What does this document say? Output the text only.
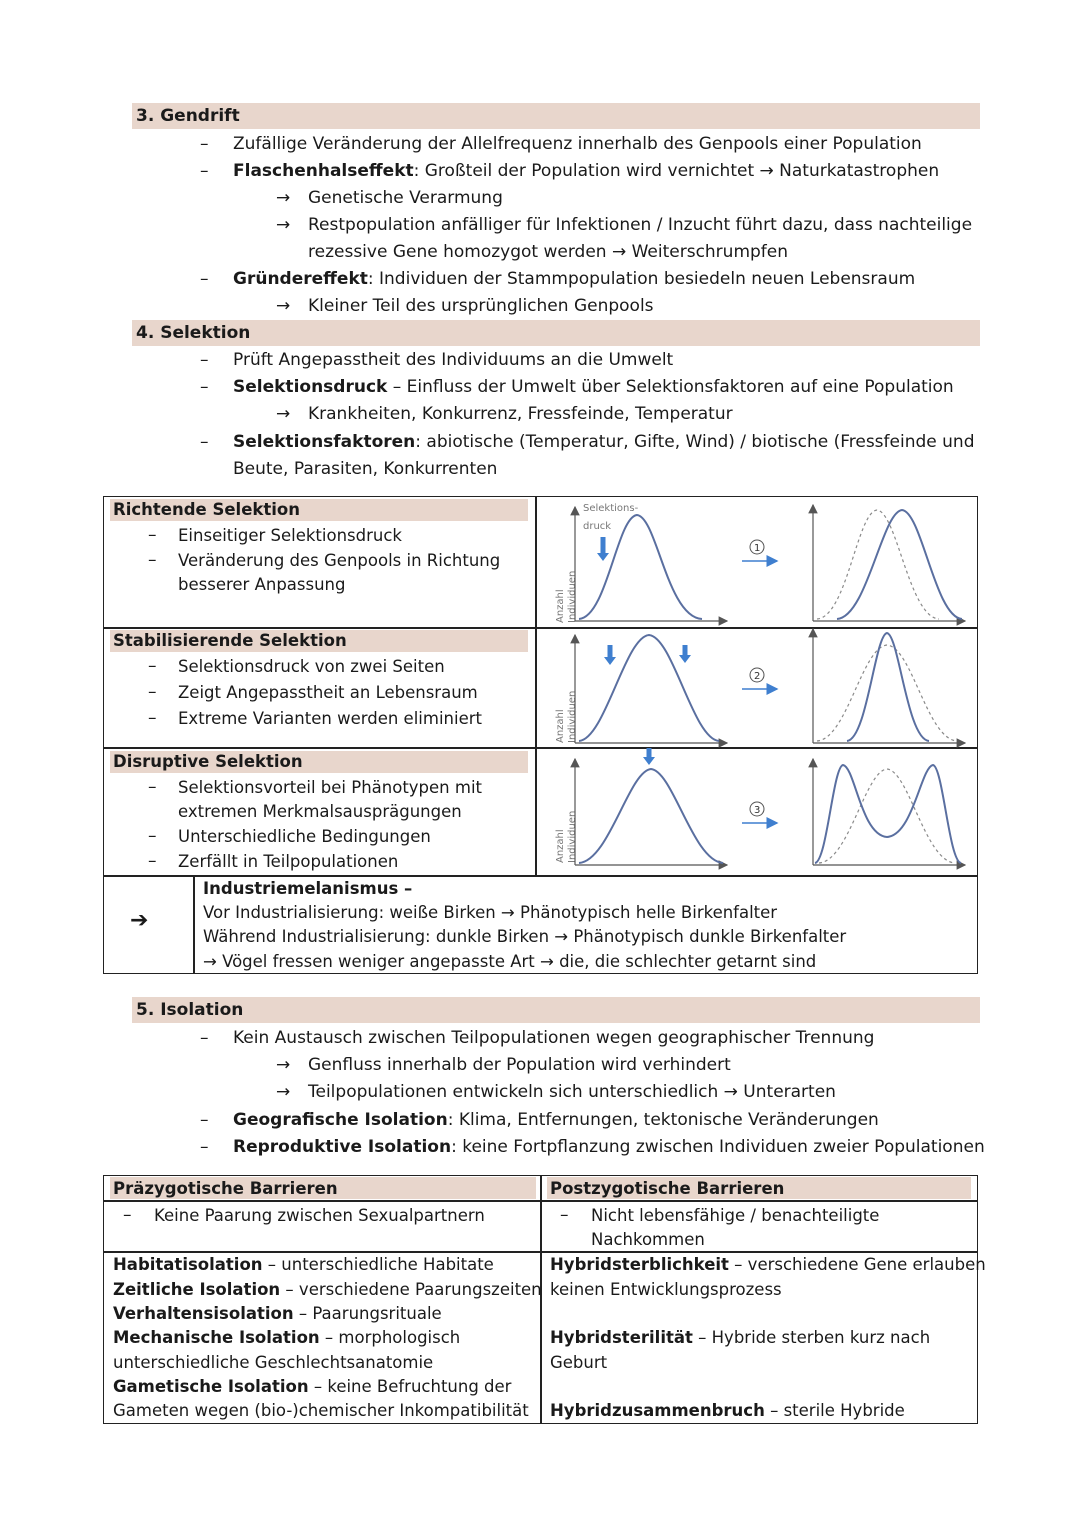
3. Gendrift
– Zufällige Veränderung der Allelfrequenz innerhalb des Genpools einer Population
– Flaschenhalseffekt: Großteil der Population wird vernichtet → Naturkatastrophen
→ Genetische Verarmung
→ Restpopulation anfälliger für Infektionen / Inzucht führt dazu, dass nachteilige
rezessive Gene homozygot werden → Weiterschrumpfen
– Gründereffekt: Individuen der Stammpopulation besiedeln neuen Lebensraum
→ Kleiner Teil des ursprünglichen Genpools
4. Selektion
– Prüft Angepasstheit des Individuums an die Umwelt
– Selektionsdruck – Einfluss der Umwelt über Selektionsfaktoren auf eine Population
→ Krankheiten, Konkurrenz, Fressfeinde, Temperatur
– Selektionsfaktoren: abiotische (Temperatur, Gifte, Wind) / biotische (Fressfeinde und
Beute, Parasiten, Konkurrenten
Richtende Selektion
– Einseitiger Selektionsdruck
– Veränderung des Genpools in Richtung
besserer Anpassung
Stabilisierende Selektion
– Selektionsdruck von zwei Seiten
– Zeigt Angepasstheit an Lebensraum
– Extreme Varianten werden eliminiert
Disruptive Selektion
– Selektionsvorteil bei Phänotypen mit
extremen Merkmalsausprägungen
– Unterschiedliche Bedingungen
– Zerfällt in Teilpopulationen
Selektions-
druck
Anzahl Individuen
1
Anzahl Individuen
2
Anzahl Individuen
3
➔
Industriemelanismus –
Vor Industrialisierung: weiße Birken → Phänotypisch helle Birkenfalter
Während Industrialisierung: dunkle Birken → Phänotypisch dunkle Birkenfalter
→ Vögel fressen weniger angepasste Art → die, die schlechter getarnt sind
5. Isolation
– Kein Austausch zwischen Teilpopulationen wegen geographischer Trennung
→ Genfluss innerhalb der Population wird verhindert
→ Teilpopulationen entwickeln sich unterschiedlich → Unterarten
– Geografische Isolation: Klima, Entfernungen, tektonische Veränderungen
– Reproduktive Isolation: keine Fortpflanzung zwischen Individuen zweier Populationen
Präzygotische Barrieren	Postzygotische Barrieren
– Keine Paarung zwischen Sexualpartnern	– Nicht lebensfähige / benachteiligte
Nachkommen
Habitatisolation – unterschiedliche Habitate
Zeitliche Isolation – verschiedene Paarungszeiten
Verhaltensisolation – Paarungsrituale
Mechanische Isolation – morphologisch
unterschiedliche Geschlechtsanatomie
Gametische Isolation – keine Befruchtung der
Gameten wegen (bio-)chemischer Inkompatibilität
Hybridsterblichkeit – verschiedene Gene erlauben
keinen Entwicklungsprozess
Hybridsterilität – Hybride sterben kurz nach
Geburt
Hybridzusammenbruch – sterile Hybride
